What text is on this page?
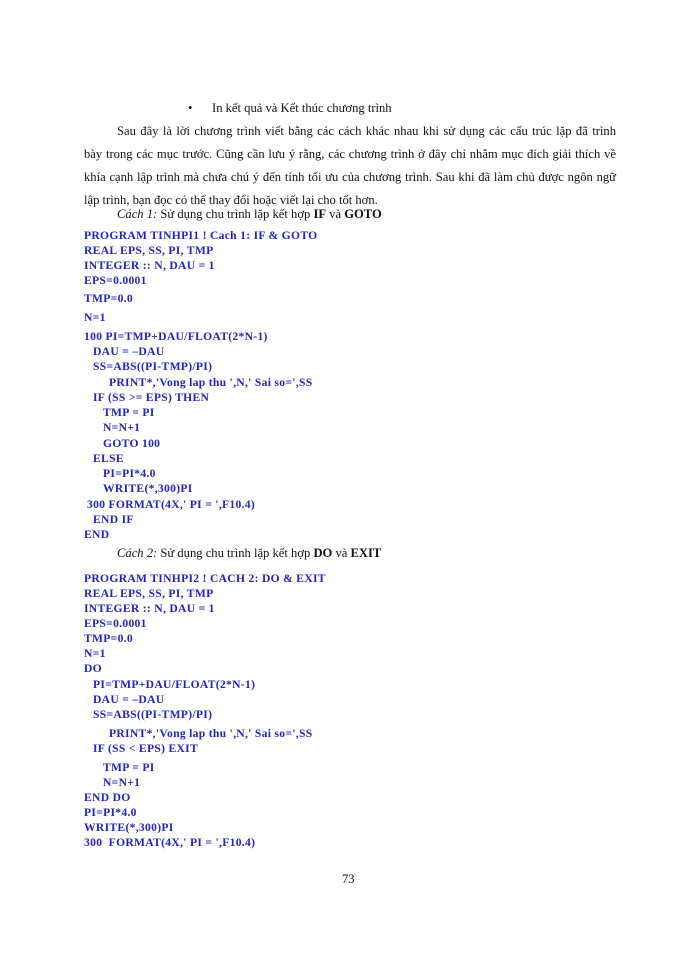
• In kết quả và Kết thúc chương trình
Sau đây là lời chương trình viết bằng các cách khác nhau khi sử dụng các cấu trúc lặp đã trình
bày trong các mục trước. Cũng cần lưu ý rằng, các chương trình ở đây chỉ nhằm mục đích giải thích về
khía cạnh lập trình mà chưa chú ý đến tính tối ưu của chương trình. Sau khi đã làm chủ được ngôn ngữ
lập trình, bạn đọc có thể thay đổi hoặc viết lại cho tốt hơn.
Cách 1: Sử dụng chu trình lặp kết hợp IF và GOTO
PROGRAM TINHPI1 ! Cach 1: IF & GOTO
REAL EPS, SS, PI, TMP
INTEGER :: N, DAU = 1
EPS=0.0001
TMP=0.0
N=1
100 PI=TMP+DAU/FLOAT(2*N-1)
DAU = –DAU
SS=ABS((PI-TMP)/PI)
PRINT*,'Vong lap thu ',N,' Sai so=',SS
IF (SS >= EPS) THEN
TMP = PI
N=N+1
GOTO 100
ELSE
PI=PI*4.0
WRITE(*,300)PI
300 FORMAT(4X,' PI = ',F10.4)
END IF
END
Cách 2: Sử dụng chu trình lặp kết hợp DO và EXIT
PROGRAM TINHPI2 ! CACH 2: DO & EXIT
REAL EPS, SS, PI, TMP
INTEGER :: N, DAU = 1
EPS=0.0001
TMP=0.0
N=1
DO
PI=TMP+DAU/FLOAT(2*N-1)
DAU = –DAU
SS=ABS((PI-TMP)/PI)
PRINT*,'Vong lap thu ',N,' Sai so=',SS
IF (SS < EPS) EXIT
TMP = PI
N=N+1
END DO
PI=PI*4.0
WRITE(*,300)PI
300  FORMAT(4X,' PI = ',F10.4)
73
